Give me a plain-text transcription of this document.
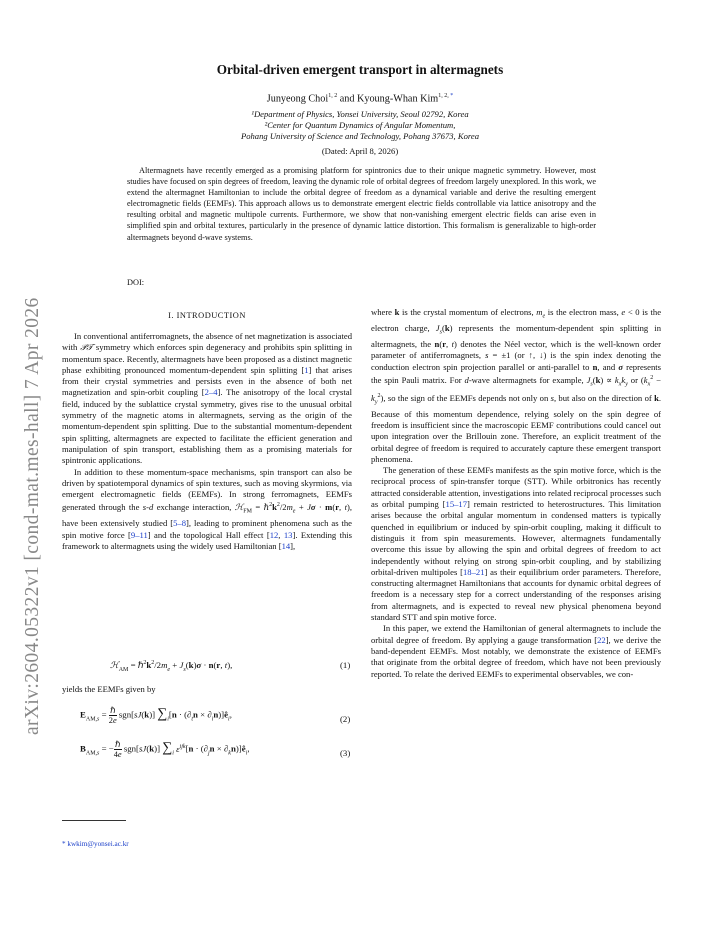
arXiv:2604.05322v1 [cond-mat.mes-hall] 7 Apr 2026
Orbital-driven emergent transport in altermagnets
Junyeong Choi$^{1, 2}$ and Kyoung-Whan Kim$^{1, 2, *}$
¹Department of Physics, Yonsei University, Seoul 02792, Korea
²Center for Quantum Dynamics of Angular Momentum,
Pohang University of Science and Technology, Pohang 37673, Korea
(Dated: April 8, 2026)

Altermagnets have recently emerged as a promising platform for spintronics due to their unique magnetic symmetry. However, most studies have focused on spin degrees of freedom, leaving the dynamic role of orbital degrees of freedom largely unexplored. In this work, we extend the altermagnet Hamiltonian to include the orbital degree of freedom as a dynamical variable and derive the resulting emergent electromagnetic fields (EEMFs). This approach allows us to demonstrate emergent electric fields controllable via lattice anisotropy and the resulting orbital and magnetic multipole currents. Furthermore, we show that non-vanishing emergent electric fields can arise even in simplified spin and orbital textures, particularly in the presence of dynamic lattice distortion. This formalism is generalizable to high-order altermagnets beyond d-wave systems.

DOI:
I. INTRODUCTION

In conventional antiferromagnets, the absence of net magnetization is associated with 𝒫𝒯 symmetry which enforces spin degeneracy and prohibits spin splitting in momentum space. Recently, altermagnets have been proposed as a distinct magnetic phase exhibiting pronounced momentum-dependent spin splitting [1] that arises from their crystal symmetries and persists even in the absence of both net magnetization and spin-orbit coupling [2–4]. The anisotropy of the local crystal field, induced by the sublattice crystal symmetry, gives rise to the unusual orbital symmetry of the magnetic atoms in altermagnets, serving as the origin of the momentum-dependent spin splitting. Due to the substantial momentum-dependent spin splitting, altermagnets are expected to facilitate the efficient generation and manipulation of spin transport, establishing them as a promising materials for spintronic applications.

In addition to these momentum-space mechanisms, spin transport can also be driven by spatiotemporal dynamics of spin textures, such as moving skyrmions, via emergent electromagnetic fields (EEMFs). In strong ferromagnets, EEMFs generated through the s-d exchange interaction, ℋ$_{FM}$ = $\hbar^2k^2/2m_e + J\sigma \cdot m(r$, t), have been extensively studied [5–8], leading to prominent phenomena such as the spin motive force [9–11] and the topological Hall effect [12, 13]. Extending this framework to altermagnets using the widely used Hamiltonian [14],

ℋ$_{AM}$ = $\hbar^2k^2/2m_e + J_s(k)\sigma \cdot n(r$, t),	(1)
yields the EEMFs given by
$E_{AM,s} = \frac{\text{ℏ}}{2e} sgn[sJ(k)] \sum_i[n \cdot (\partial_tn$ × $\partial_in)]ê_i$,	(2)
$B_{AM,s}$ = − $\frac{\text{ℏ}}{4e} sgn[sJ(k)]$ $\sum_i$ $\varepsilon^{ijk}[n \cdot (\partial_jn$ × $\partial_kn)]ê_i$,	(3)
* kwkim@yonsei.ac.kr

where k is the crystal momentum of electrons, $m_e$ is the electron mass, e < 0 is the electron charge, $J_s(k)$ represents the momentum-dependent spin splitting in altermagnets, the n(r, t) denotes the Néel vector, which is the well-known order parameter of antiferromagnets, s = ±1 (or ↑, ↓) is the spin index denoting the conduction electron spin projection parallel or anti-parallel to n, and σ represents the spin Pauli matrix. For d-wave altermagnets for example, $J_s(k) \propto k_xk_y$ or $(k_x^2 - k_y^2)$, so the sign of the EEMFs depends not only on s, but also on the direction of k. Because of this momentum dependence, relying solely on the spin degree of freedom is insufficient since the macroscopic EEMF contributions could cancel out upon integration over the Brillouin zone. Therefore, an explicit treatment of the orbital degree of freedom is required to accurately capture these emergent transport phenomena.

The generation of these EEMFs manifests as the spin motive force, which is the reciprocal process of spin-transfer torque (STT). While orbitronics has recently attracted considerable attention, investigations into related reciprocal processes such as orbital pumping [15–17] remain restricted to heterostructures. This limitation arises because the orbital angular momentum in condensed matters is typically quenched in equilibrium or induced by spin-orbit coupling, making it difficult to distinguis it from spin measurements. However, altermagnets fundamentally overcome this issue by allowing the spin and orbital degrees of freedom to act independently without relying on strong spin-orbit coupling, and by stabilizing orbital-driven multipoles [18–21] as their equilibrium order parameters. Therefore, constructing altermagnet Hamiltonians that accounts for dynamic orbital degrees of freedom is a necessary step for a correct understanding of the responses arising from altermagnets, and is expected to reveal new physical phenomena beyond standard STT and spin motive force.

In this paper, we extend the Hamiltonian of general altermagnets to include the orbital degree of freedom. By applying a gauge transformation [22], we derive the band-dependent EEMFs. Most notably, we demonstrate the existence of EEMFs that originate from the orbital degree of freedom, which have not been previously reported. To relate the derived EEMFs to experimental observables, we con-
